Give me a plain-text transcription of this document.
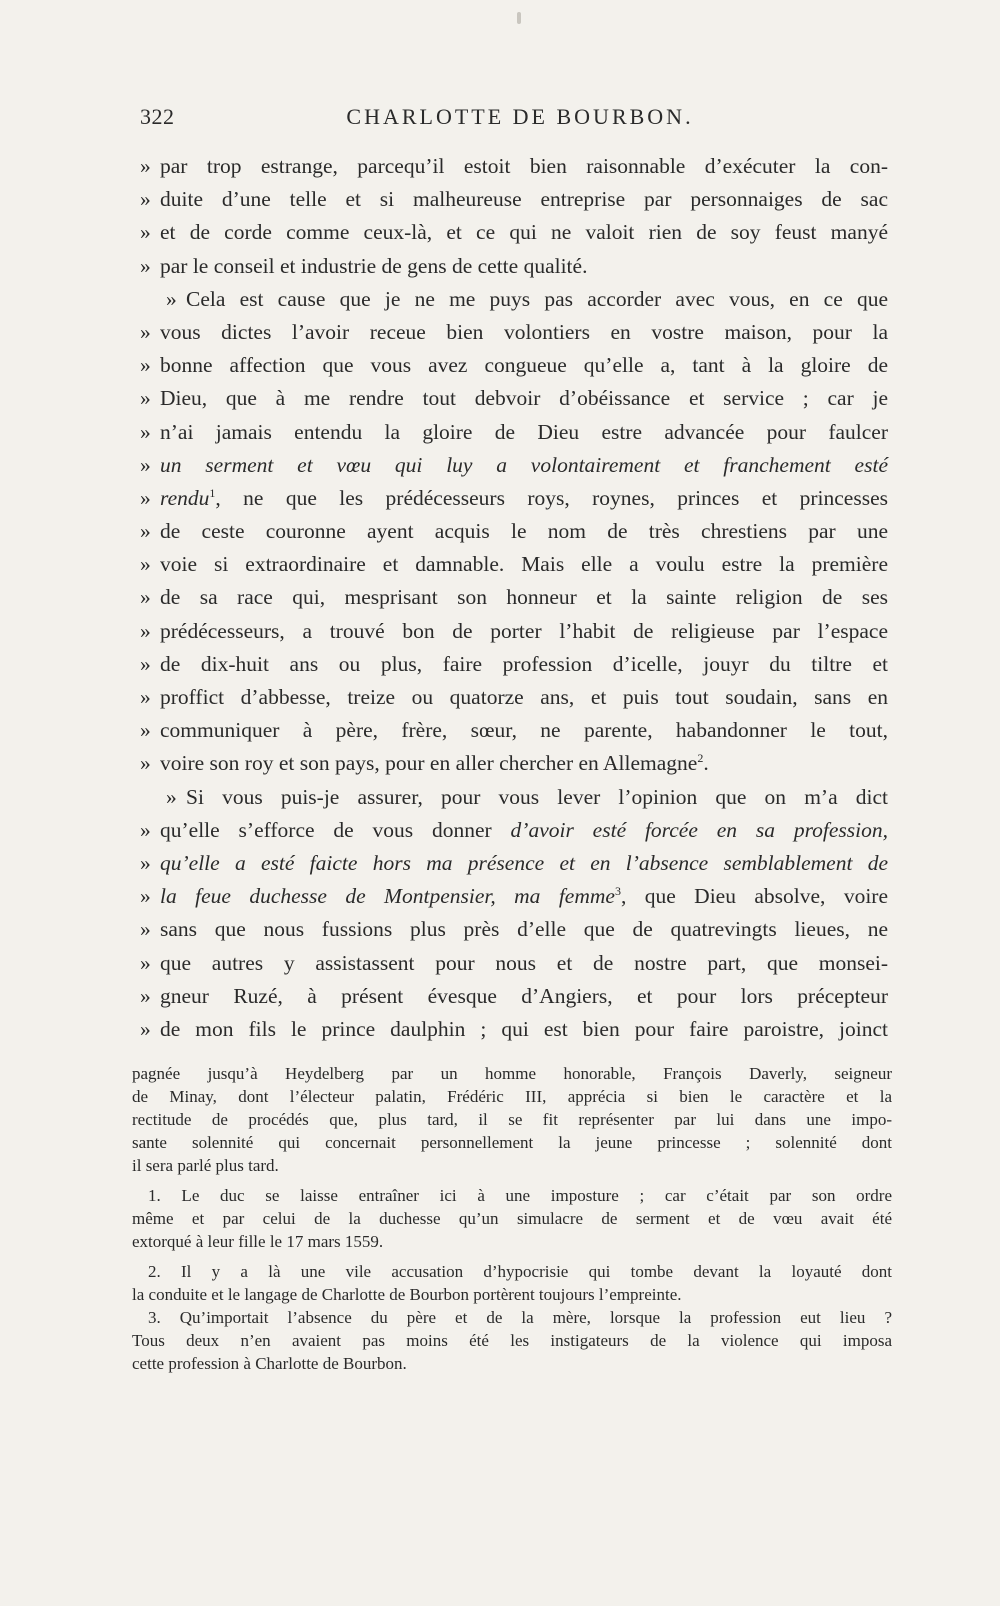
322	CHARLOTTE DE BOURBON.
» par trop estrange, parcequ’il estoit bien raisonnable d’exécuter la con-
» duite d’une telle et si malheureuse entreprise par personnaiges de sac
» et de corde comme ceux-là, et ce qui ne valoit rien de soy feust manyé
» par le conseil et industrie de gens de cette qualité.
» Cela est cause que je ne me puys pas accorder avec vous, en ce que
» vous dictes l’avoir receue bien volontiers en vostre maison, pour la
» bonne affection que vous avez congueue qu’elle a, tant à la gloire de
» Dieu, que à me rendre tout debvoir d’obéissance et service ; car je
» n’ai jamais entendu la gloire de Dieu estre advancée pour faulcer
» un serment et vœu qui luy a volontairement et franchement esté
» rendu$^1$, ne que les prédécesseurs roys, roynes, princes et princesses
» de ceste couronne ayent acquis le nom de très chrestiens par une
» voie si extraordinaire et damnable. Mais elle a voulu estre la première
» de sa race qui, mesprisant son honneur et la sainte religion de ses
» prédécesseurs, a trouvé bon de porter l’habit de religieuse par l’espace
» de dix-huit ans ou plus, faire profession d’icelle, jouyr du tiltre et
» proffict d’abbesse, treize ou quatorze ans, et puis tout soudain, sans en
» communiquer à père, frère, sœur, ne parente, habandonner le tout,
» voire son roy et son pays, pour en aller chercher en Allemagne$^2$.
» Si vous puis-je assurer, pour vous lever l’opinion que on m’a dict
» qu’elle s’efforce de vous donner d’avoir esté forcée en sa profession,
» qu’elle a esté faicte hors ma présence et en l’absence semblablement de
» la feue duchesse de Montpensier, ma femme$^3$, que Dieu absolve, voire
» sans que nous fussions plus près d’elle que de quatrevingts lieues, ne
» que autres y assistassent pour nous et de nostre part, que monsei-
» gneur Ruzé, à présent évesque d’Angiers, et pour lors précepteur
» de mon fils le prince daulphin ; qui est bien pour faire paroistre, joinct
pagnée jusqu’à Heydelberg par un homme honorable, François Daverly, seigneur
de Minay, dont l’électeur palatin, Frédéric III, apprécia si bien le caractère et la
rectitude de procédés que, plus tard, il se fit représenter par lui dans une impo-
sante solennité qui concernait personnellement la jeune princesse ; solennité dont
il sera parlé plus tard.
1. Le duc se laisse entraîner ici à une imposture ; car c’était par son ordre
même et par celui de la duchesse qu’un simulacre de serment et de vœu avait été
extorqué à leur fille le 17 mars 1559.
2. Il y a là une vile accusation d’hypocrisie qui tombe devant la loyauté dont
la conduite et le langage de Charlotte de Bourbon portèrent toujours l’empreinte.
3. Qu’importait l’absence du père et de la mère, lorsque la profession eut lieu ?
Tous deux n’en avaient pas moins été les instigateurs de la violence qui imposa
cette profession à Charlotte de Bourbon.
